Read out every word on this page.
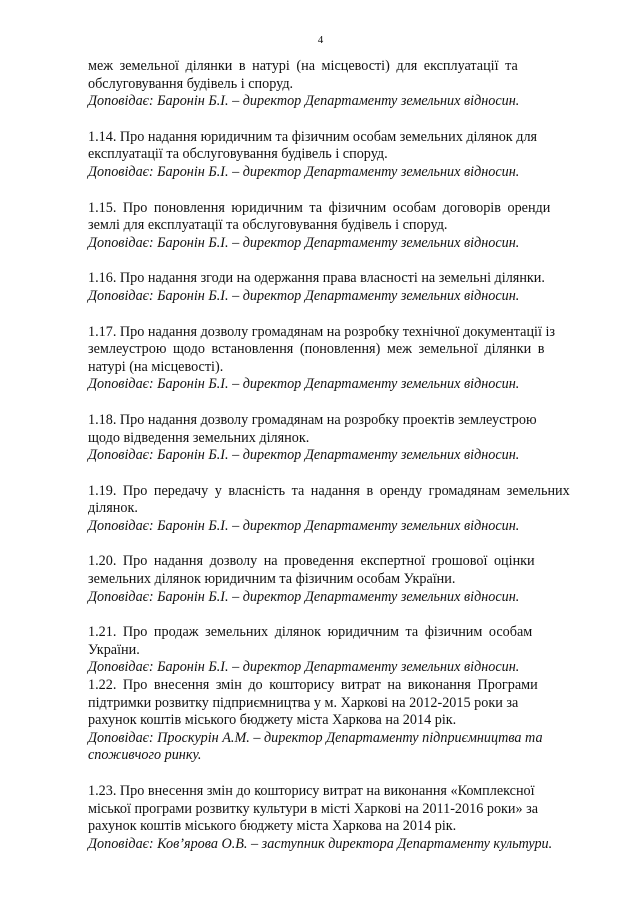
4

меж земельної ділянки в натурі (на місцевості) для експлуатації та

обслуговування будівель і споруд.

Доповідає: Баронін Б.І. – директор Департаменту земельних відносин.

1.14. Про надання юридичним та фізичним особам земельних ділянок для

експлуатації та обслуговування будівель і споруд.

Доповідає: Баронін Б.І. – директор Департаменту земельних відносин.

1.15. Про поновлення юридичним та фізичним особам договорів оренди

землі для експлуатації та обслуговування будівель і споруд.

Доповідає: Баронін Б.І. – директор Департаменту земельних відносин.

1.16. Про надання згоди на одержання права власності на земельні ділянки.

Доповідає: Баронін Б.І. – директор Департаменту земельних відносин.

1.17. Про надання дозволу громадянам на розробку технічної документації із

землеустрою щодо встановлення (поновлення) меж земельної ділянки в

натурі (на місцевості).

Доповідає: Баронін Б.І. – директор Департаменту земельних відносин.

1.18. Про надання дозволу громадянам на розробку проектів землеустрою

щодо відведення земельних ділянок.

Доповідає: Баронін Б.І. – директор Департаменту земельних відносин.

1.19. Про передачу у власність та надання в оренду громадянам земельних

ділянок.

Доповідає: Баронін Б.І. – директор Департаменту земельних відносин.

1.20. Про надання дозволу на проведення експертної грошової оцінки

земельних ділянок юридичним та фізичним особам України.

Доповідає: Баронін Б.І. – директор Департаменту земельних відносин.

1.21. Про продаж земельних ділянок юридичним та фізичним особам

України.

Доповідає: Баронін Б.І. – директор Департаменту земельних відносин.

1.22. Про внесення змін до кошторису витрат на виконання Програми

підтримки розвитку підприємництва у м. Харкові на 2012-2015 роки за

рахунок коштів міського бюджету міста Харкова на 2014 рік.

Доповідає: Проскурін А.М. – директор Департаменту підприємництва та споживчого ринку.

1.23. Про внесення змін до кошторису витрат на виконання «Комплексної

міської програми розвитку культури в місті Харкові на 2011-2016 роки» за

рахунок коштів міського бюджету міста Харкова на 2014 рік.

Доповідає: Ков’ярова О.В. – заступник директора Департаменту культури.
